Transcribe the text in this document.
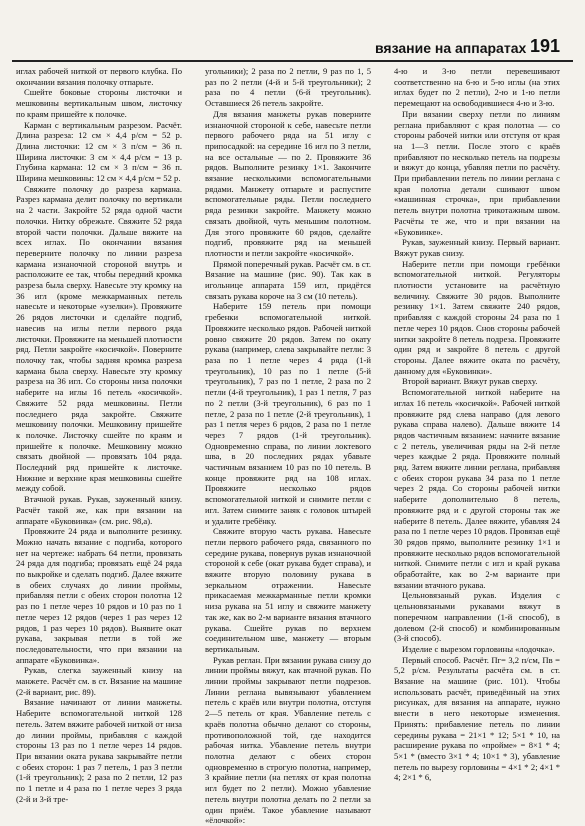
вязание на аппаратах 191

иглах рабочей ниткой от первого клубка. По окончании вязания полочку отпарьте.

Сшейте боковые стороны листочки и мешковины вертикальным швом, листочку по краям пришейте к полочке.

Карман с вертикальным разрезом. Расчёт. Длина разреза: 12 см × 4,4 р/см = 52 р. Длина листочки: 12 см × 3 п/см = 36 п. Ширина листочки: 3 см × 4,4 р/см = 13 р. Глубина кармана: 12 см × 3 п/см = 36 п. Ширина мешковины: 12 см × 4,4 р/см = 52 р.

Свяжите полочку до разреза кармана. Разрез кармана делит полочку по вертикали на 2 части. Закройте 52 ряда одной части полочки. Нитку обрежьте. Свяжите 52 ряда второй части полочки. Дальше вяжите на всех иглах. По окончании вязания переверните полочку по линии разреза кармана изнаночной стороной внутрь и расположите ее так, чтобы передний кромка разреза была сверху. Навесьте эту кромку на 36 игл (кроме межкарманных петель навесьте и некоторые «узелки»). Провяжите 26 рядов листочки и сделайте подгиб, навесив на иглы петли первого ряда листочки. Провяжите на меньшей плотности ряд. Петли закройте «косичкой». Поверните полочку так, чтобы задняя кромка разреза кармана была сверху. Навесьте эту кромку разреза на 36 игл. Со стороны низа полочки наберите на иглы 16 петель «косичкой». Свяжите 52 ряда мешковины. Петли последнего ряда закройте. Свяжите мешковину полочки. Мешковину пришейте к полочке. Листочку сшейте по краям и пришейте к полочке. Мешковину можно связать двойной — провязать 104 ряда. Последний ряд пришейте к листочке. Нижние и верхние края мешковины сшейте между собой.

Втачной рукав. Рукав, зауженный книзу. Расчёт такой же, как при вязании на аппарате «Буковинка» (см. рис. 98,а).

Провяжите 24 ряда и выполните резинку. Можно начать вязание с подгиба, которого нет на чертеже: набрать 64 петли, провязать 24 ряда для подгиба; провязать ещё 24 ряда по выкройке и сделать подгиб. Далее вяжите в обеих случаях до линии проймы, прибавляя петли с обеих сторон полотна 12 раз по 1 петле через 10 рядов и 10 раз по 1 петле через 12 рядов (через 1 раз через 12 рядов, 1 раз через 10 рядов). Выявите окат рукава, закрывая петли в той же последовательности, что при вязании на аппарате «Буковинка».

Рукав, слегка зауженный книзу на манжете. Расчёт см. в ст. Вязание на машине (2-й вариант, рис. 89).

Вязание начинают от линии манжеты. Наберите вспомогательной ниткой 128 петель. Затем вяжите рабочей ниткой от низа до линии проймы, прибавляя с каждой стороны 13 раз по 1 петле через 14 рядов. При вязании оката рукава закрывайте петли с обеих сторон: 1 раз 7 петель, 1 раз 3 петли (1-й треугольник); 2 раза по 2 петли, 12 раз по 1 петле и 4 раза по 1 петле через 3 ряда (2-й и 3-й тре-

угольники); 2 раза по 2 петли, 9 раз по 1, 5 раз по 2 петли (4-й и 5-й треугольники); 2 раза по 4 петли (6-й треугольник). Оставшиеся 26 петель закройте.

Для вязания манжеты рукав поверните изнаночной стороной к себе, навесьте петли первого рабочего ряда на 51 иглу с припосадкой: на середине 16 игл по 3 петли, на все остальные — по 2. Провяжите 36 рядов. Выполните резинку 1×1. Закончите вязание несколькими вспомогательными рядами. Манжету отпарьте и распустите вспомогательные ряды. Петли последнего ряда резинки закройте. Манжету можно связать двойной, чуть меньшим полотном. Для этого провяжите 60 рядов, сделайте подгиб, провяжите ряд на меньшей плотности и петли закройте «косичкой».

Прямой поперечный рукав. Расчёт см. в ст. Вязание на машине (рис. 90). Так как в игольнице аппарата 159 игл, придётся связать рукава короче на 3 см (10 петель).

Наберите 159 петель при помощи гребенки вспомогательной ниткой. Провяжите несколько рядов. Рабочей ниткой ровно свяжите 20 рядов. Затем по окату рукава (например, слева закрывайте петли: 3 раза по 1 петле через 4 ряда (1-й треугольник), 10 раз по 1 петле (5-й треугольник), 7 раз по 1 петле, 2 раза по 2 петли (4-й треугольник), 1 раз 1 петля, 7 раз по 2 петли (3-й треугольник), 6 раз по 1 петле, 2 раза по 1 петле (2-й треугольник), 1 раз 1 петля через 6 рядов, 2 раза по 1 петле через 7 рядов (1-й треугольник). Одновременно справа, по линии локтевого шва, в 20 последних рядах убавьте частичным вязанием 10 раз по 10 петель. В конце провяжите ряд на 108 иглах. Провяжите несколько рядов вспомогательной ниткой и снимите петли с игл. Затем снимите заняк с головок штырей и удалите гребёнку.

Свяжите вторую часть рукава. Навесьте петли первого рабочего ряда, связанного по середине рукава, повернув рукав изнаночной стороной к себе (окат рукава будет справа), и вяжите вторую половину рукава в зеркальном отражении. Навесьте прикасаемая межкарманные петли кромки низа рукава на 51 иглу и свяжите манжету так же, как во 2-м варианте вязания втачного рукава. Сшейте рукав по верхнем соединительном шве, манжету — вторым вертикальным.

Рукав реглан. При вязании рукава снизу до линии проймы вяжут, как втачной рукав. По линии проймы закрывают петли подрезов. Линии реглана вывязывают убавлением петель с краёв или внутри полотна, отступя 2—5 петель от края. Убавление петель с краёв полотна обычно делают со стороны, противоположной той, где находится рабочая нитка. Убавление петель внутри полотна делают с обеих сторон одновременно в строгую полотна, например, 3 крайние петли (на петлях от края полотна игл будет по 2 петли). Можно убавление петель внутри полотна делать по 2 петли за один приём. Такое убавление называют «ёлочкой»:

4-ю и 3-ю петли перевешивают соответственно на 6-ю и 5-ю иглы (на этих иглах будет по 2 петли), 2-ю и 1-ю петли перемещают на освободившиеся 4-ю и 3-ю.

При вязании сверху петли по линиям реглана прибавляют с края полотна — со стороны рабочей нитки или отступя от края на 1—3 петли. После этого с краёв прибавляют по несколько петель на подрезы и вяжут до конца, убавляя петли по расчёту. При прибавлении петель по линии реглана с края полотна детали сшивают швом «машинная строчка», при прибавлении петель внутри полотна трикотажным швом. Расчёты те же, что и при вязании на «Буковинке».

Рукав, зауженный книзу. Первый вариант. Вяжут рукав снизу.

Наберите петли при помощи гребёнки вспомогательной ниткой. Регуляторы плотности установите на расчётную величину. Свяжите 30 рядов. Выполните резинку 1×1. Затем свяжите 240 рядов, прибавляя с каждой стороны 24 раза по 1 петле через 10 рядов. Снов стороны рабочей нитки закройте 8 петель подреза. Провяжите один ряд и закройте 8 петель с другой стороны. Далее вяжите оката по расчёту, данному для «Буковинки».

Второй вариант. Вяжут рукав сверху.

Вспомогательной ниткой наберите на иглах 16 петель «косичкой». Рабочей ниткой провяжите ряд слева направо (для левого рукава справа налево). Дальше вяжите 14 рядов частичным вязанием: начните вязание с 2 петель, увеличивая ряды на 2-й петле через каждые 2 ряда. Провяжите полный ряд. Затем вяжите линии реглана, прибавляя с обеих сторон рукава 34 раза по 1 петле через 2 ряда. Со стороны рабочей нитки наберите дополнительно 8 петель, провяжите ряд и с другой стороны так же наберите 8 петель. Далее вяжите, убавляя 24 раза по 1 петле через 10 рядов. Провязав ещё 30 рядов прямо, выполните резинку 1×1 и провяжите несколько рядов вспомогательной ниткой. Снимите петли с игл и край рукава обработайте, как во 2-м варианте при вязании втачного рукава.

Цельновязаный рукав. Изделия с цельновязаными рукавами вяжут в поперечном направлении (1-й способ), в долевом (2-й способ) и комбинированным (3-й способ).

Изделие с вырезом горловины «лодочка».

Первый способ. Расчёт. Пг= 3,2 п/см, Пв = 5,2 р/см. Результаты расчёта см. в ст. Вязание на машине (рис. 101). Чтобы использовать расчёт, приведённый на этих рисунках, для вязания на аппарате, нужно внести в него некоторые изменения. Принять: прибавление петель по линии середины рукава = 21×1 * 12; 5×1 * 10, на расширение рукава по «проймe» = 8×1 * 4; 5×1 * (вместо 3×1 * 4; 10×1 * 3), убавление петель по вырезу горловины = 4×1 * 2; 4×1 * 4; 2×1 * 6,
